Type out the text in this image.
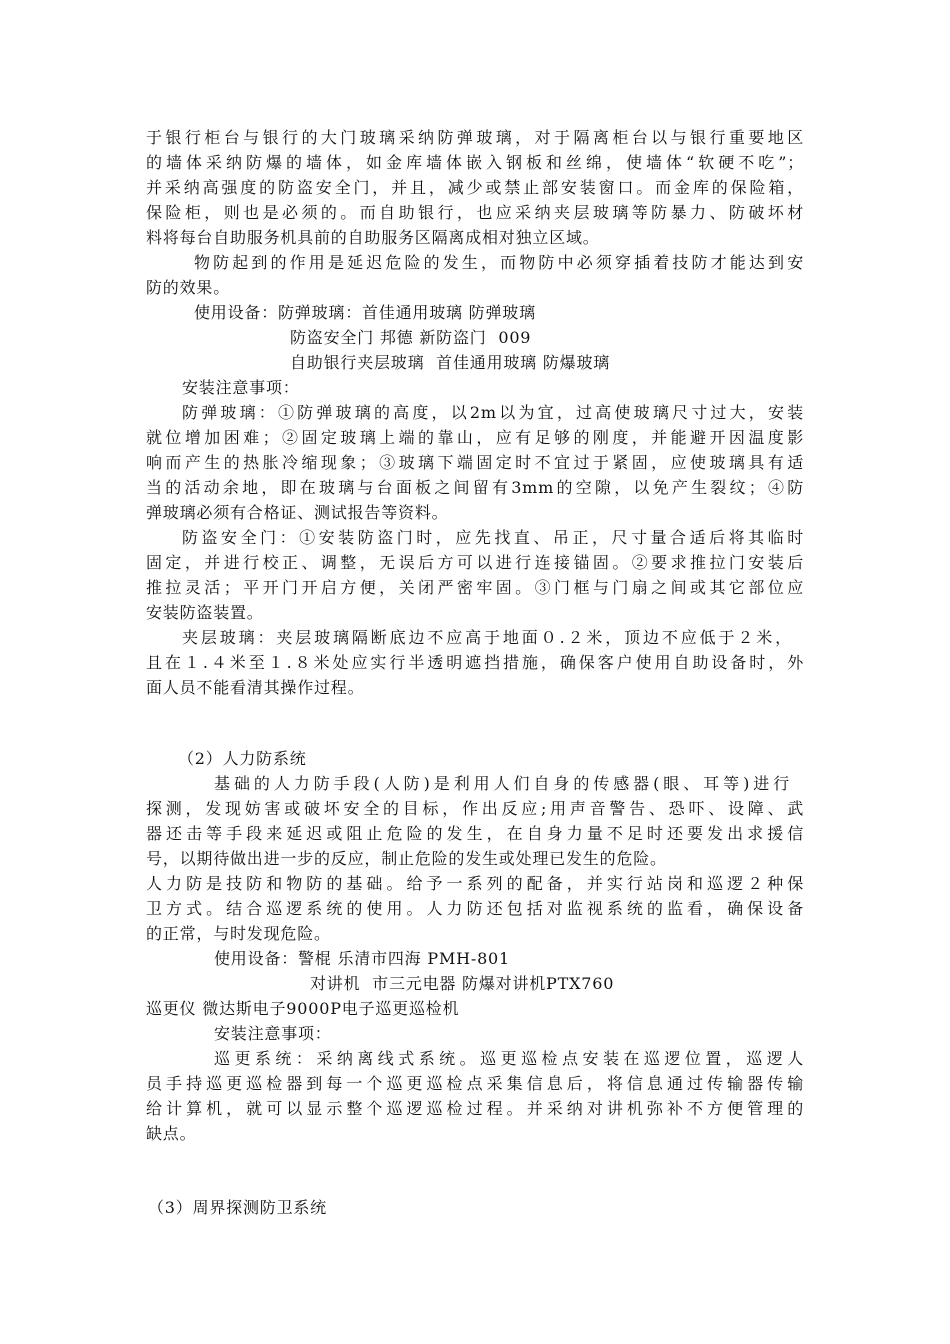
于银行柜台与银行的大门玻璃采纳防弹玻璃，对于隔离柜台以与银行重要地区
的墙体采纳防爆的墙体，如金库墙体嵌入钢板和丝绵，使墙体“软硬不吃”；
并采纳高强度的防盗安全门，并且，减少或禁止部安装窗口。而金库的保险箱，
保险柜，则也是必须的。而自助银行，也应采纳夹层玻璃等防暴力、防破坏材
料将每台自助服务机具前的自助服务区隔离成相对独立区域。
物防起到的作用是延迟危险的发生，而物防中必须穿插着技防才能达到安
防的效果。
使用设备：防弹玻璃：首佳通用玻璃 防弹玻璃
防盗安全门 邦德 新防盗门  009
自助银行夹层玻璃  首佳通用玻璃 防爆玻璃
安装注意事项：
防弹玻璃：①防弹玻璃的高度，以2m以为宜，过高使玻璃尺寸过大，安装
就位增加困难；②固定玻璃上端的靠山，应有足够的刚度，并能避开因温度影
响而产生的热胀冷缩现象；③玻璃下端固定时不宜过于紧固，应使玻璃具有适
当的活动余地，即在玻璃与台面板之间留有3mm的空隙，以免产生裂纹；④防
弹玻璃必须有合格证、测试报告等资料。
防盗安全门：①安装防盗门时，应先找直、吊正，尺寸量合适后将其临时
固定，并进行校正、调整，无误后方可以进行连接锚固。②要求推拉门安装后
推拉灵活；平开门开启方便，关闭严密牢固。③门框与门扇之间或其它部位应
安装防盗装置。
夹层玻璃：夹层玻璃隔断底边不应高于地面０.２米，顶边不应低于２米，
且在１.４米至１.８米处应实行半透明遮挡措施，确保客户使用自助设备时，外
面人员不能看清其操作过程。
（2）人力防系统
基础的人力防手段(人防)是利用人们自身的传感器(眼、耳等)进行
探测，发现妨害或破坏安全的目标，作出反应;用声音警告、恐吓、设障、武
器还击等手段来延迟或阻止危险的发生，在自身力量不足时还要发出求援信
号，以期待做出进一步的反应，制止危险的发生或处理已发生的危险。
人力防是技防和物防的基础。给予一系列的配备，并实行站岗和巡逻２种保
卫方式。结合巡逻系统的使用。人力防还包括对监视系统的监看，确保设备
的正常，与时发现危险。
使用设备：警棍 乐清市四海 PMH-801
对讲机  市三元电器 防爆对讲机PTX760
巡更仪 微达斯电子9000P电子巡更巡检机
安装注意事项：
巡更系统：采纳离线式系统。巡更巡检点安装在巡逻位置，巡逻人
员手持巡更巡检器到每一个巡更巡检点采集信息后，将信息通过传输器传输
给计算机，就可以显示整个巡逻巡检过程。并采纳对讲机弥补不方便管理的
缺点。
（3）周界探测防卫系统
